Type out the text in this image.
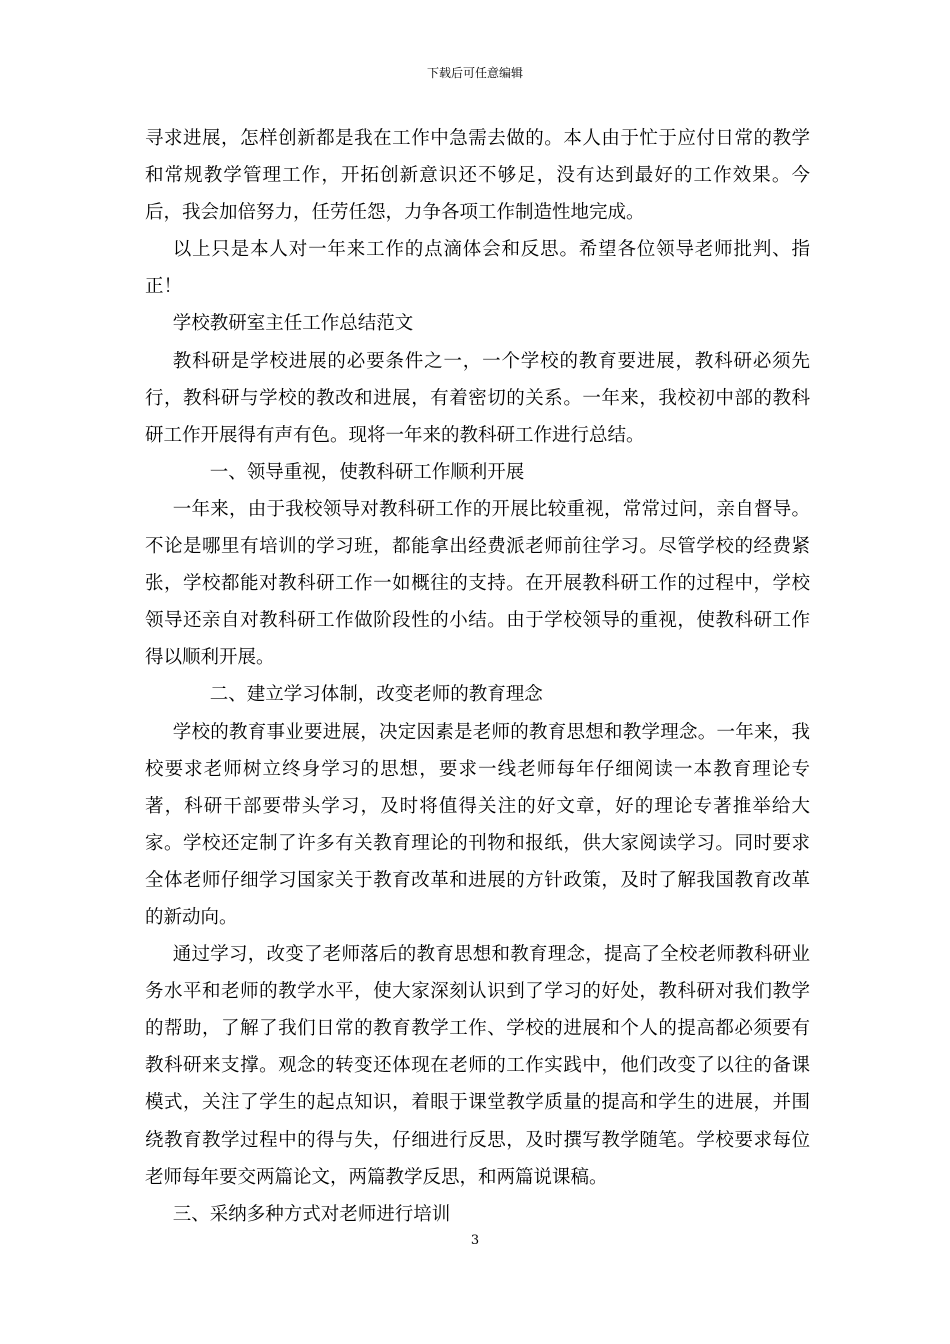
下载后可任意编辑

寻求进展，怎样创新都是我在工作中急需去做的。本人由于忙于应付日常的教学和常规教学管理工作，开拓创新意识还不够足，没有达到最好的工作效果。今后，我会加倍努力，任劳任怨，力争各项工作制造性地完成。

以上只是本人对一年来工作的点滴体会和反思。希望各位领导老师批判、指正！

学校教研室主任工作总结范文

教科研是学校进展的必要条件之一，一个学校的教育要进展，教科研必须先行，教科研与学校的教改和进展，有着密切的关系。一年来，我校初中部的教科研工作开展得有声有色。现将一年来的教科研工作进行总结。

一、领导重视，使教科研工作顺利开展

一年来，由于我校领导对教科研工作的开展比较重视，常常过问，亲自督导。不论是哪里有培训的学习班，都能拿出经费派老师前往学习。尽管学校的经费紧张，学校都能对教科研工作一如概往的支持。在开展教科研工作的过程中，学校领导还亲自对教科研工作做阶段性的小结。由于学校领导的重视，使教科研工作得以顺利开展。

二、建立学习体制，改变老师的教育理念

学校的教育事业要进展，决定因素是老师的教育思想和教学理念。一年来，我校要求老师树立终身学习的思想，要求一线老师每年仔细阅读一本教育理论专著，科研干部要带头学习，及时将值得关注的好文章，好的理论专著推举给大家。学校还定制了许多有关教育理论的刊物和报纸，供大家阅读学习。同时要求全体老师仔细学习国家关于教育改革和进展的方针政策，及时了解我国教育改革的新动向。

通过学习，改变了老师落后的教育思想和教育理念，提高了全校老师教科研业务水平和老师的教学水平，使大家深刻认识到了学习的好处，教科研对我们教学的帮助，了解了我们日常的教育教学工作、学校的进展和个人的提高都必须要有教科研来支撑。观念的转变还体现在老师的工作实践中，他们改变了以往的备课模式，关注了学生的起点知识，着眼于课堂教学质量的提高和学生的进展，并围绕教育教学过程中的得与失，仔细进行反思，及时撰写教学随笔。学校要求每位老师每年要交两篇论文，两篇教学反思，和两篇说课稿。

三、采纳多种方式对老师进行培训

3
